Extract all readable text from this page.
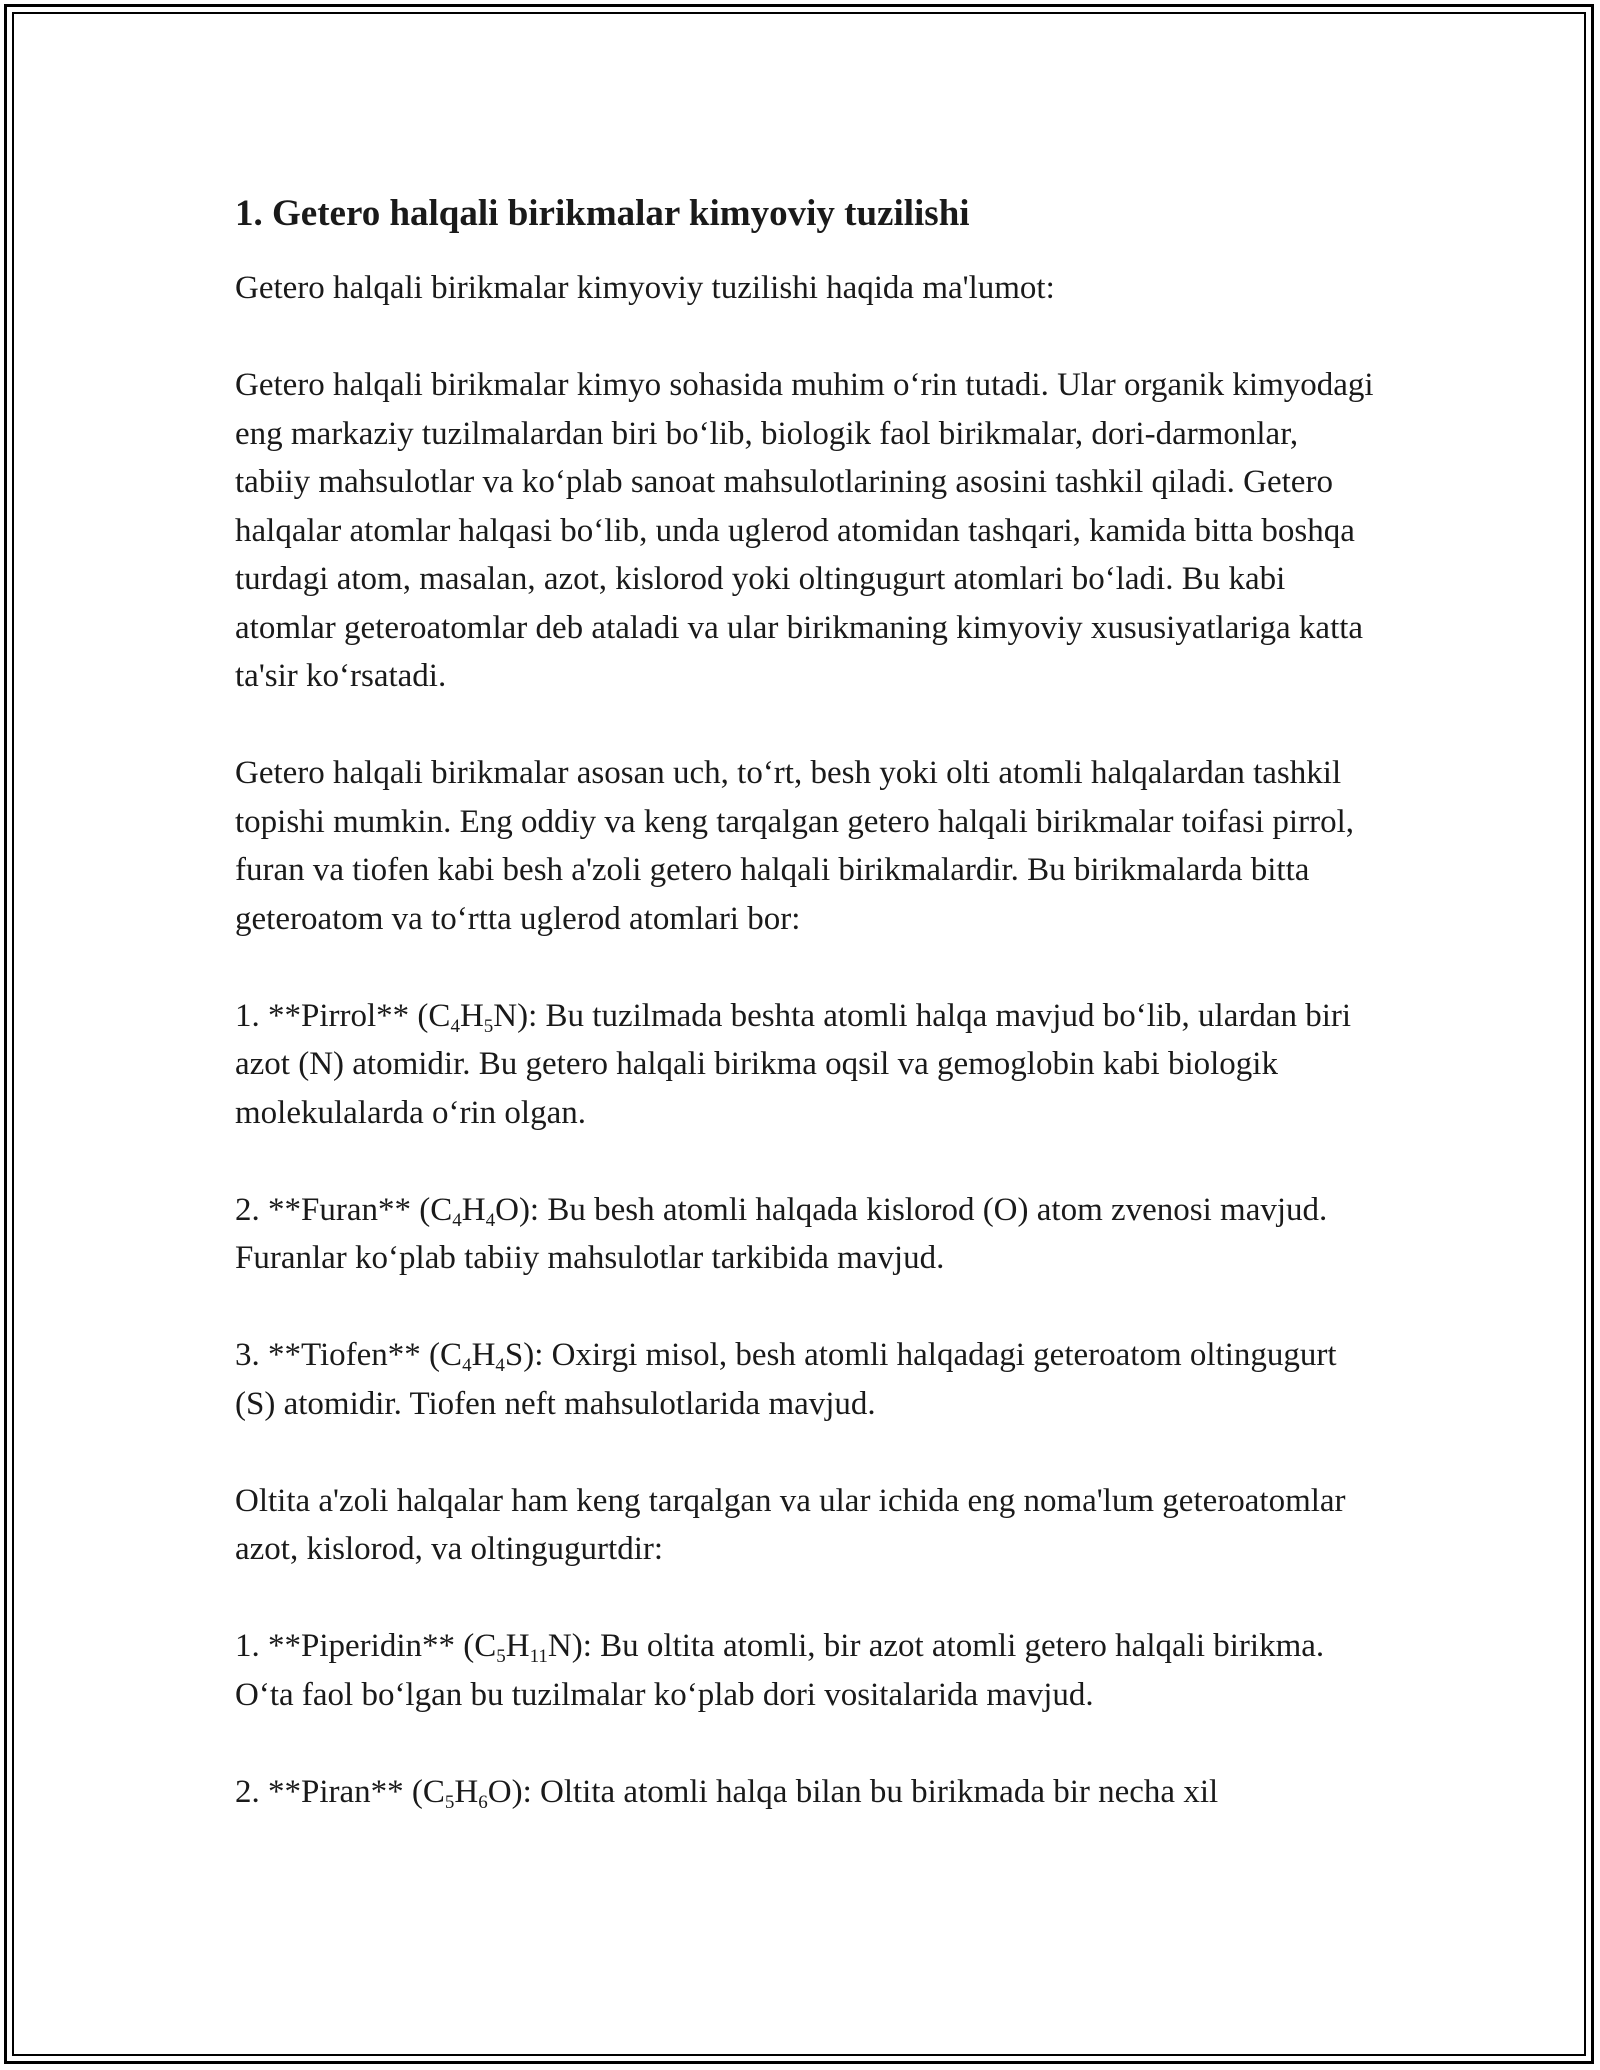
1. Getero halqali birikmalar kimyoviy tuzilishi

Getero halqali birikmalar kimyoviy tuzilishi haqida ma'lumot:

Getero halqali birikmalar kimyo sohasida muhim oʻrin tutadi. Ular organik kimyodagi eng markaziy tuzilmalardan biri boʻlib, biologik faol birikmalar, dori-darmonlar, tabiiy mahsulotlar va koʻplab sanoat mahsulotlarining asosini tashkil qiladi. Getero halqalar atomlar halqasi boʻlib, unda uglerod atomidan tashqari, kamida bitta boshqa turdagi atom, masalan, azot, kislorod yoki oltingugurt atomlari boʻladi. Bu kabi atomlar geteroatomlar deb ataladi va ular birikmaning kimyoviy xususiyatlariga katta ta'sir koʻrsatadi.

Getero halqali birikmalar asosan uch, toʻrt, besh yoki olti atomli halqalardan tashkil topishi mumkin. Eng oddiy va keng tarqalgan getero halqali birikmalar toifasi pirrol, furan va tiofen kabi besh a'zoli getero halqali birikmalardir. Bu birikmalarda bitta geteroatom va toʻrtta uglerod atomlari bor:

1. **Pirrol** $(C_4H_5N)$: Bu tuzilmada beshta atomli halqa mavjud boʻlib, ulardan biri azot (N) atomidir. Bu getero halqali birikma oqsil va gemoglobin kabi biologik molekulalarda oʻrin olgan.

2. **Furan** $(C_4H_4O)$: Bu besh atomli halqada kislorod (O) atom zvenosi mavjud. Furanlar koʻplab tabiiy mahsulotlar tarkibida mavjud.

3. **Tiofen** $(C_4H_4S)$: Oxirgi misol, besh atomli halqadagi geteroatom oltingugurt (S) atomidir. Tiofen neft mahsulotlarida mavjud.

Oltita a'zoli halqalar ham keng tarqalgan va ular ichida eng noma'lum geteroatomlar azot, kislorod, va oltingugurtdir:

1. **Piperidin** $(C_5H_{11}N)$: Bu oltita atomli, bir azot atomli getero halqali birikma. Oʻta faol boʻlgan bu tuzilmalar koʻplab dori vositalarida mavjud.

2. **Piran** $(C_5H_6O)$: Oltita atomli halqa bilan bu birikmada bir necha xil
